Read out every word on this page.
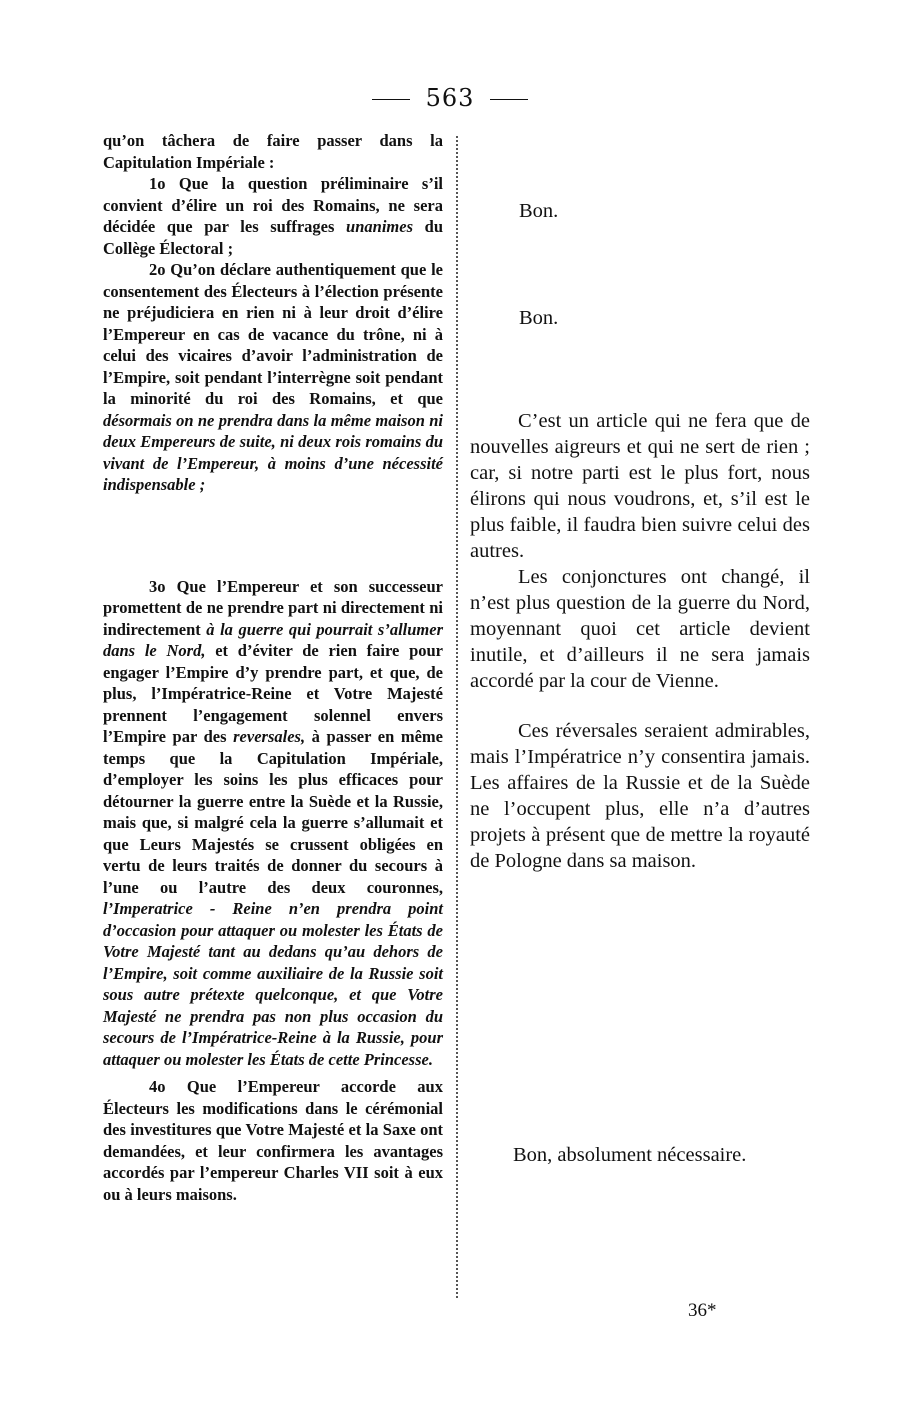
563

qu’on tâchera de faire passer dans la Capitulation Impériale :

1o Que la question préliminaire s’il convient d’élire un roi des Romains, ne sera décidée que par les suffrages unanimes du Collège Électoral ;

2o Qu’on déclare authentiquement que le consentement des Électeurs à l’élection présente ne préjudiciera en rien ni à leur droit d’élire l’Empereur en cas de vacance du trône, ni à celui des vicaires d’avoir l’administration de l’Empire, soit pendant l’interrègne soit pendant la minorité du roi des Romains, et que désormais on ne prendra dans la même maison ni deux Empereurs de suite, ni deux rois romains du vivant de l’Empereur, à moins d’une nécessité indispensable ;

3o Que l’Empereur et son successeur promettent de ne prendre part ni directement ni indirectement à la guerre qui pourrait s’allumer dans le Nord, et d’éviter de rien faire pour engager l’Empire d’y prendre part, et que, de plus, l’Impératrice-Reine et Votre Majesté prennent l’engagement solennel envers l’Empire par des reversales, à passer en même temps que la Capitulation Impériale, d’employer les soins les plus efficaces pour détourner la guerre entre la Suède et la Russie, mais que, si malgré cela la guerre s’allumait et que Leurs Majestés se crussent obligées en vertu de leurs traités de donner du secours à l’une ou l’autre des deux couronnes, l’Imperatrice - Reine n’en prendra point d’occasion pour attaquer ou molester les États de Votre Majesté tant au dedans qu’au dehors de l’Empire, soit comme auxiliaire de la Russie soit sous autre prétexte quelconque, et que Votre Majesté ne prendra pas non plus occasion du secours de l’Impératrice-Reine à la Russie, pour attaquer ou molester les États de cette Princesse.

4o Que l’Empereur accorde aux Électeurs les modifications dans le cérémonial des investitures que Votre Majesté et la Saxe ont demandées, et leur confirmera les avantages accordés par l’empereur Charles VII soit à eux ou à leurs maisons.

Bon.
Bon.

C’est un article qui ne fera que de nouvelles aigreurs et qui ne sert de rien ; car, si notre parti est le plus fort, nous élirons qui nous voudrons, et, s’il est le plus faible, il faudra bien suivre celui des autres.

Les conjonctures ont changé, il n’est plus question de la guerre du Nord, moyennant quoi cet article devient inutile, et d’ailleurs il ne sera jamais accordé par la cour de Vienne.

Ces réversales seraient admirables, mais l’Impératrice n’y consentira jamais. Les affaires de la Russie et de la Suède ne l’occupent plus, elle n’a d’autres projets à présent que de mettre la royauté de Pologne dans sa maison.

Bon, absolument nécessaire.
36*
